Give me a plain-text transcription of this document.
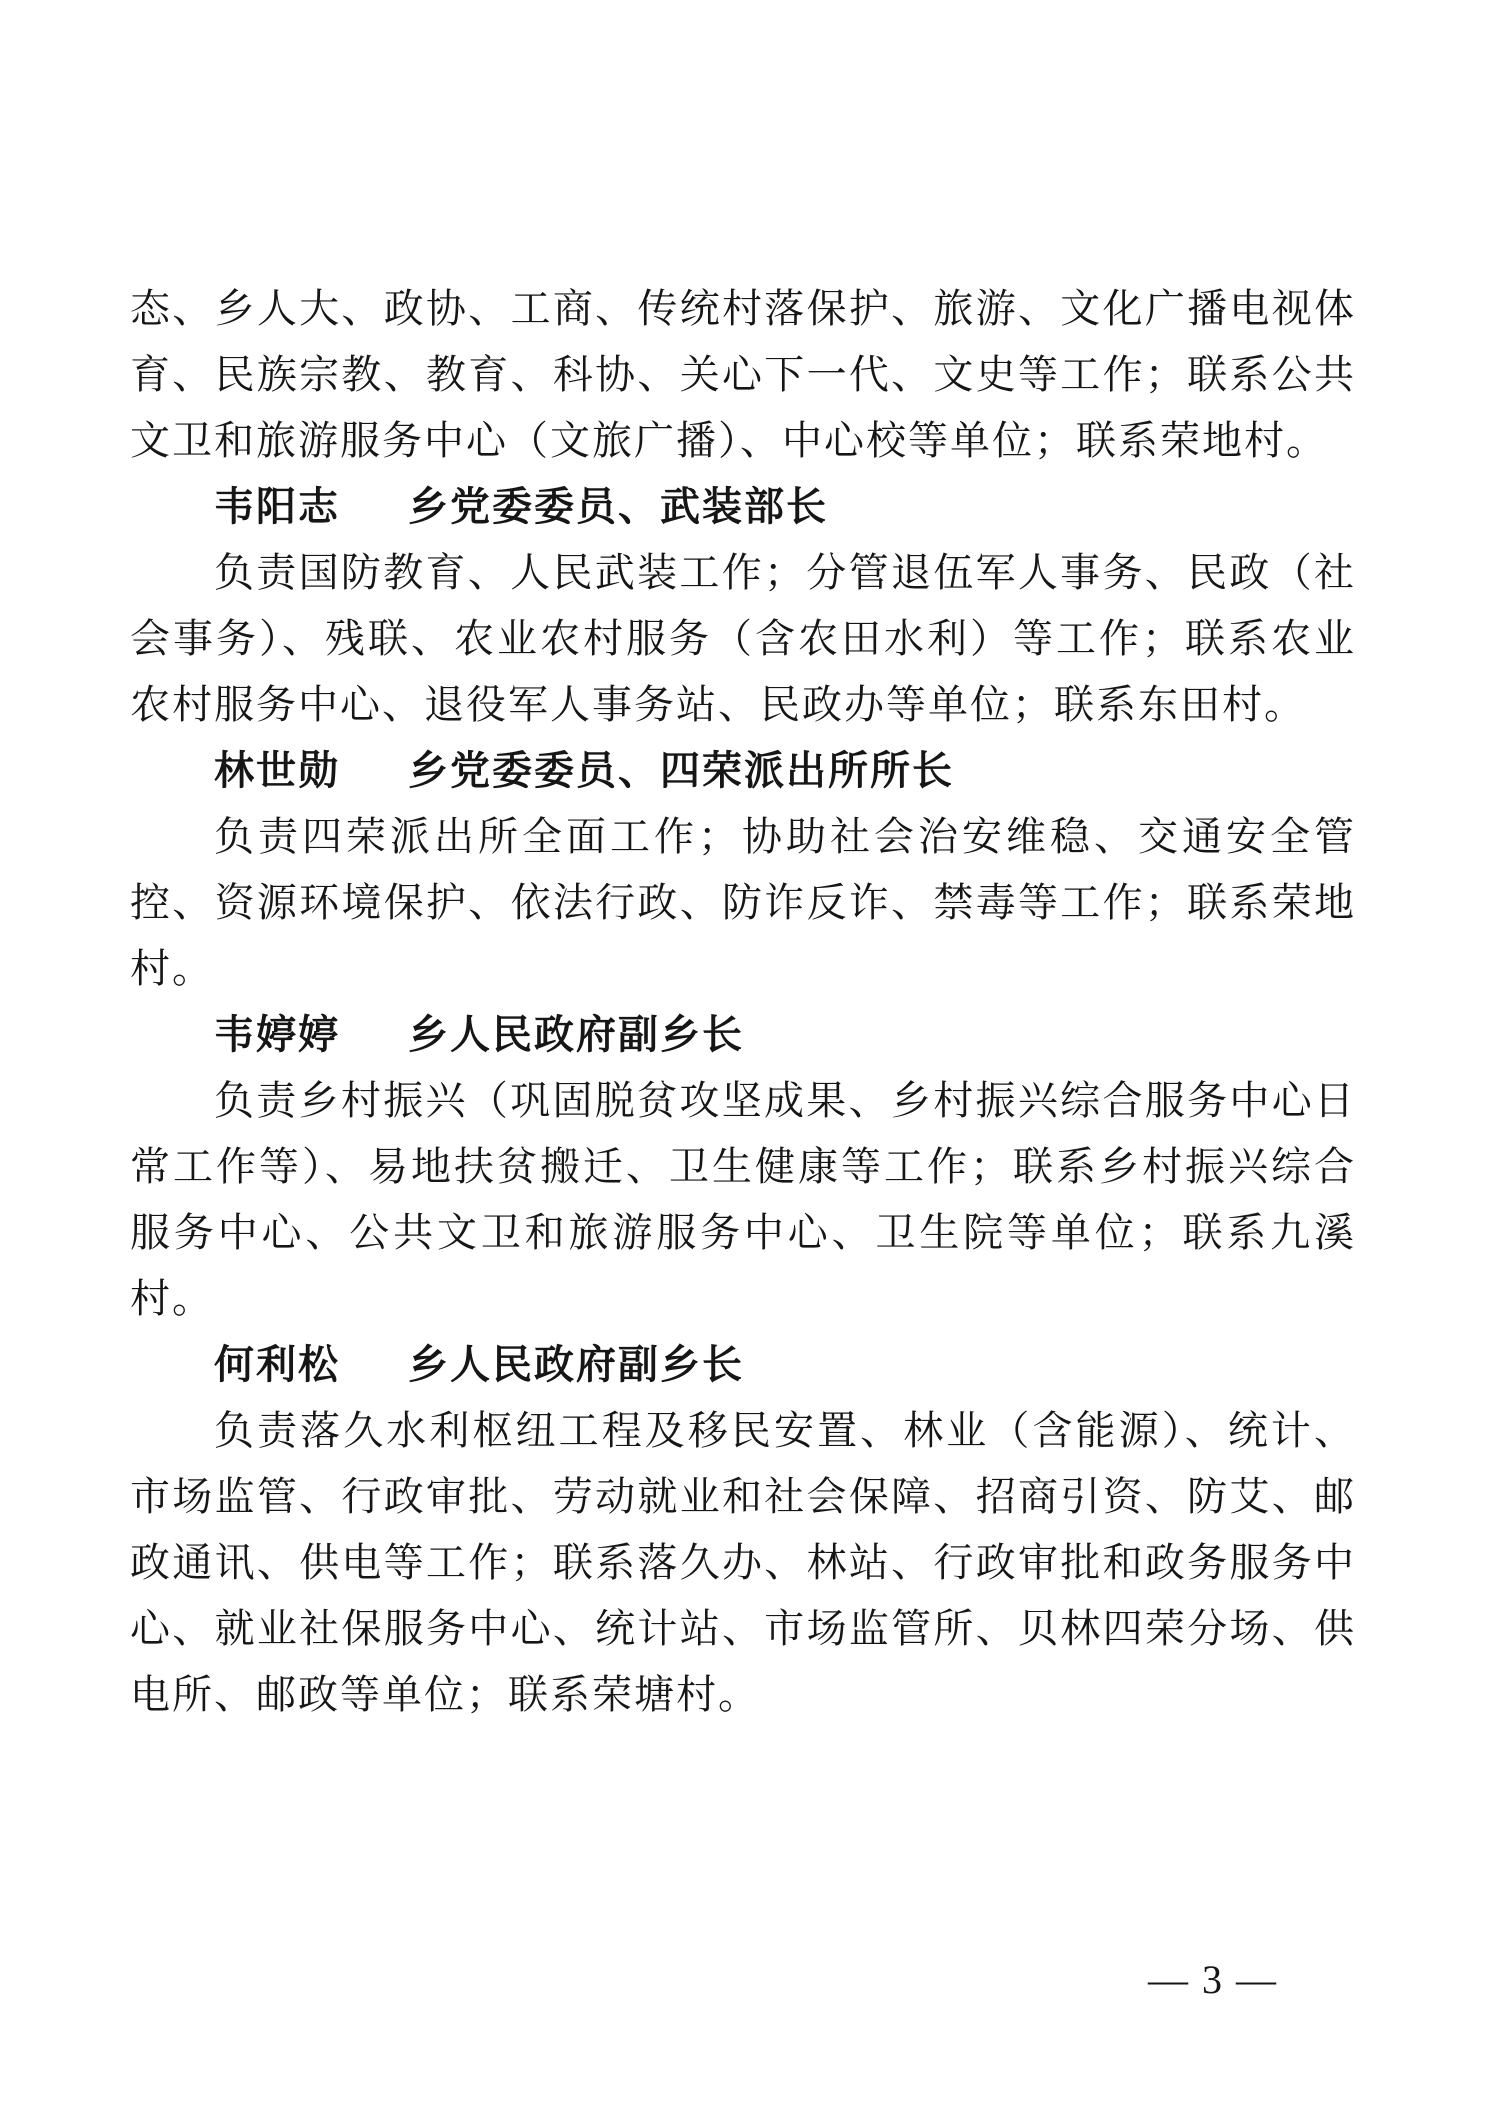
态、乡人大、政协、工商、传统村落保护、旅游、文化广播电视体育、民族宗教、教育、科协、关心下一代、文史等工作；联系公共文卫和旅游服务中心（文旅广播）、中心校等单位；联系荣地村。

韦阳志 乡党委委员、武装部长

负责国防教育、人民武装工作；分管退伍军人事务、民政（社会事务）、残联、农业农村服务（含农田水利）等工作；联系农业农村服务中心、退役军人事务站、民政办等单位；联系东田村。

林世勋 乡党委委员、四荣派出所所长

负责四荣派出所全面工作；协助社会治安维稳、交通安全管控、资源环境保护、依法行政、防诈反诈、禁毒等工作；联系荣地村。

韦婷婷 乡人民政府副乡长

负责乡村振兴（巩固脱贫攻坚成果、乡村振兴综合服务中心日常工作等）、易地扶贫搬迁、卫生健康等工作；联系乡村振兴综合服务中心、公共文卫和旅游服务中心、卫生院等单位；联系九溪村。

何利松 乡人民政府副乡长

负责落久水利枢纽工程及移民安置、林业（含能源）、统计、市场监管、行政审批、劳动就业和社会保障、招商引资、防艾、邮政通讯、供电等工作；联系落久办、林站、行政审批和政务服务中心、就业社保服务中心、统计站、市场监管所、贝林四荣分场、供电所、邮政等单位；联系荣塘村。

— 3 —
